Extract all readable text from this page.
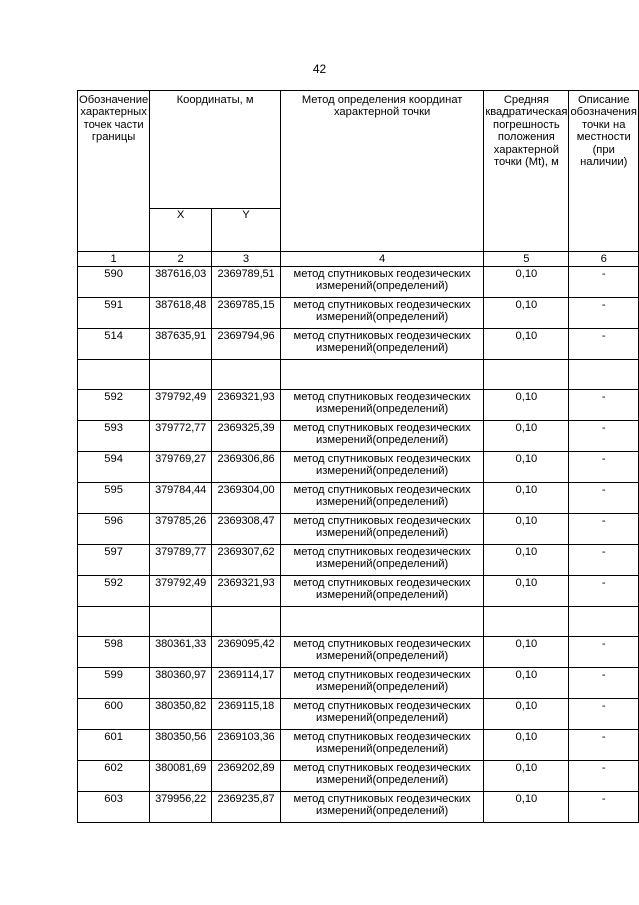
42
Обозначение характерных точек части границы	Координаты, м		Метод определения координат характерной точки	Средняя квадратическая погрешность положения характерной точки (Mt), м	Описание обозначения точки на местности (при наличии)
	X	Y			
1	2	3	4	5	6
590	387616,03	2369789,51	метод спутниковых геодезических измерений(определений)	0,10	-
591	387618,48	2369785,15	метод спутниковых геодезических измерений(определений)	0,10	-
514	387635,91	2369794,96	метод спутниковых геодезических измерений(определений)	0,10	-

592	379792,49	2369321,93	метод спутниковых геодезических измерений(определений)	0,10	-
593	379772,77	2369325,39	метод спутниковых геодезических измерений(определений)	0,10	-
594	379769,27	2369306,86	метод спутниковых геодезических измерений(определений)	0,10	-
595	379784,44	2369304,00	метод спутниковых геодезических измерений(определений)	0,10	-
596	379785,26	2369308,47	метод спутниковых геодезических измерений(определений)	0,10	-
597	379789,77	2369307,62	метод спутниковых геодезических измерений(определений)	0,10	-
592	379792,49	2369321,93	метод спутниковых геодезических измерений(определений)	0,10	-

598	380361,33	2369095,42	метод спутниковых геодезических измерений(определений)	0,10	-
599	380360,97	2369114,17	метод спутниковых геодезических измерений(определений)	0,10	-
600	380350,82	2369115,18	метод спутниковых геодезических измерений(определений)	0,10	-
601	380350,56	2369103,36	метод спутниковых геодезических измерений(определений)	0,10	-
602	380081,69	2369202,89	метод спутниковых геодезических измерений(определений)	0,10	-
603	379956,22	2369235,87	метод спутниковых геодезических измерений(определений)	0,10	-
